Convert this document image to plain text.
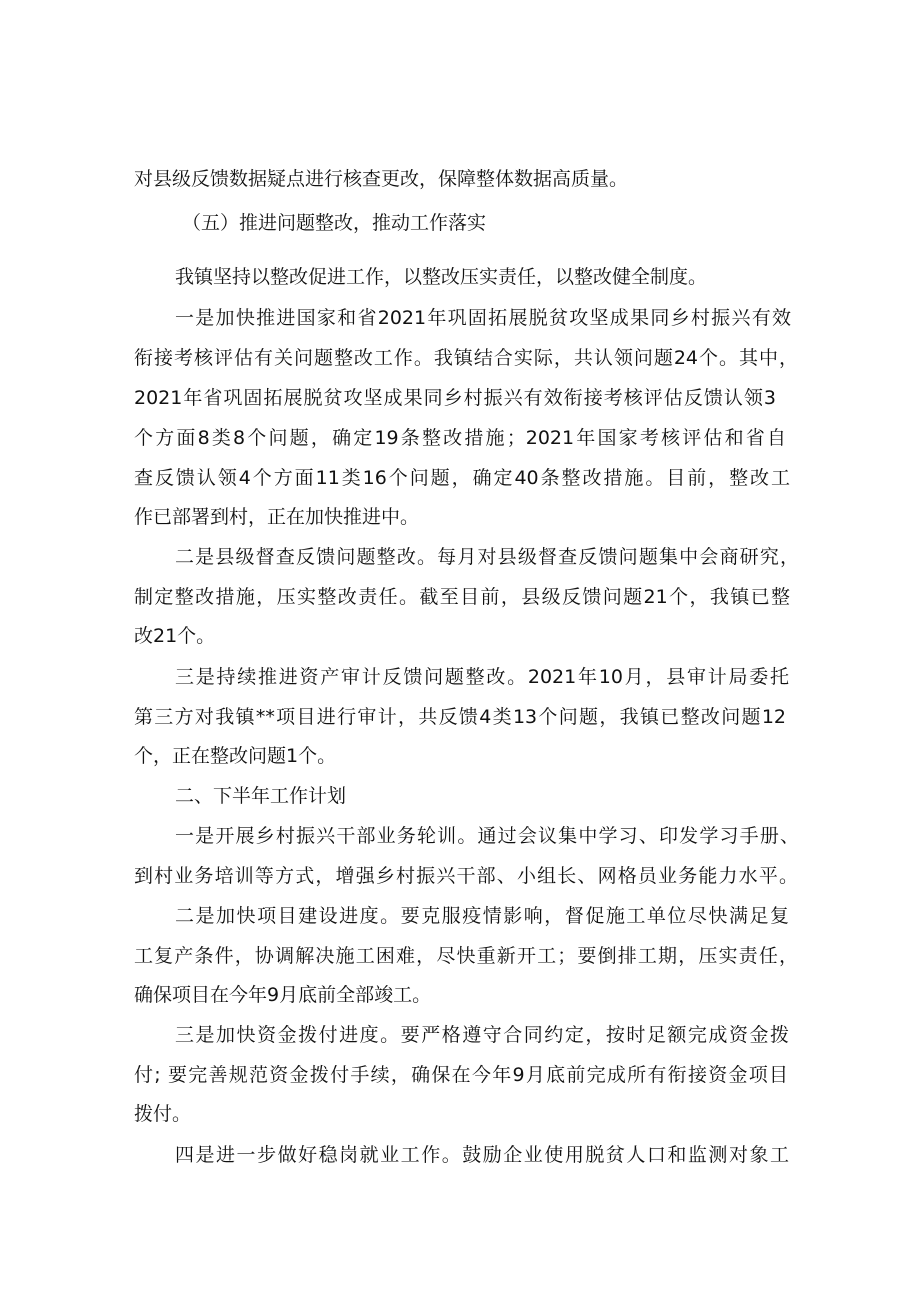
对县级反馈数据疑点进行核查更改，保障整体数据高质量。
（五）推进问题整改，推动工作落实
我镇坚持以整改促进工作，以整改压实责任，以整改健全制度。
一是加快推进国家和省2021年巩固拓展脱贫攻坚成果同乡村振兴有效
衔接考核评估有关问题整改工作。我镇结合实际，共认领问题24个。其中，
2021年省巩固拓展脱贫攻坚成果同乡村振兴有效衔接考核评估反馈认领3
个方面8类8个问题，确定19条整改措施；2021年国家考核评估和省自
查反馈认领4个方面11类16个问题，确定40条整改措施。目前，整改工
作已部署到村，正在加快推进中。
二是县级督查反馈问题整改。每月对县级督查反馈问题集中会商研究，
制定整改措施，压实整改责任。截至目前，县级反馈问题21个，我镇已整
改21个。
三是持续推进资产审计反馈问题整改。2021年10月，县审计局委托
第三方对我镇**项目进行审计，共反馈4类13个问题，我镇已整改问题12
个，正在整改问题1个。
二、下半年工作计划
一是开展乡村振兴干部业务轮训。通过会议集中学习、印发学习手册、
到村业务培训等方式，增强乡村振兴干部、小组长、网格员业务能力水平。
二是加快项目建设进度。要克服疫情影响，督促施工单位尽快满足复
工复产条件，协调解决施工困难，尽快重新开工；要倒排工期，压实责任，
确保项目在今年9月底前全部竣工。
三是加快资金拨付进度。要严格遵守合同约定，按时足额完成资金拨
付; 要完善规范资金拨付手续，确保在今年9月底前完成所有衔接资金项目
拨付。
四是进一步做好稳岗就业工作。鼓励企业使用脱贫人口和监测对象工
